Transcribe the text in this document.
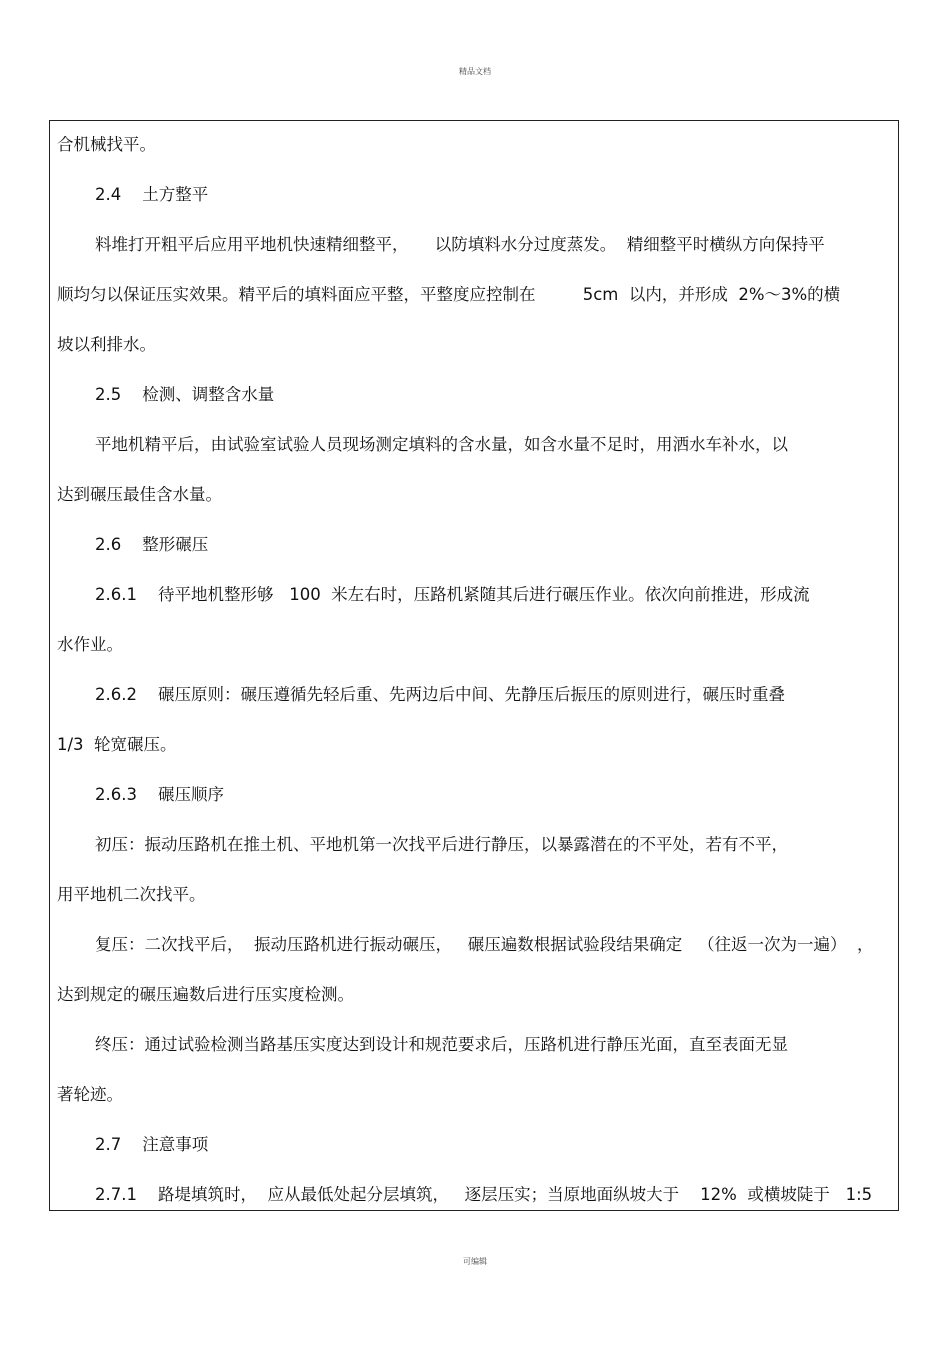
精品文档
合机械找平。
2.4    土方整平
料堆打开粗平后应用平地机快速精细整平，     以防填料水分过度蒸发。  精细整平时横纵方向保持平
顺均匀以保证压实效果。精平后的填料面应平整，平整度应控制在         5cm  以内，并形成  2%～3%的横
坡以利排水。
2.5    检测、调整含水量
平地机精平后，由试验室试验人员现场测定填料的含水量，如含水量不足时，用洒水车补水，以
达到碾压最佳含水量。
2.6    整形碾压
2.6.1    待平地机整形够   100  米左右时，压路机紧随其后进行碾压作业。依次向前推进，形成流
水作业。
2.6.2    碾压原则：碾压遵循先轻后重、先两边后中间、先静压后振压的原则进行，碾压时重叠
1/3  轮宽碾压。
2.6.3    碾压顺序
初压：振动压路机在推土机、平地机第一次找平后进行静压，以暴露潜在的不平处，若有不平，
用平地机二次找平。
复压：二次找平后，  振动压路机进行振动碾压，   碾压遍数根据试验段结果确定   （往返一次为一遍）  ，
达到规定的碾压遍数后进行压实度检测。
终压：通过试验检测当路基压实度达到设计和规范要求后，压路机进行静压光面，直至表面无显
著轮迹。
2.7    注意事项
2.7.1    路堤填筑时，  应从最低处起分层填筑，   逐层压实；当原地面纵坡大于    12%  或横坡陡于   1:5
可编辑
